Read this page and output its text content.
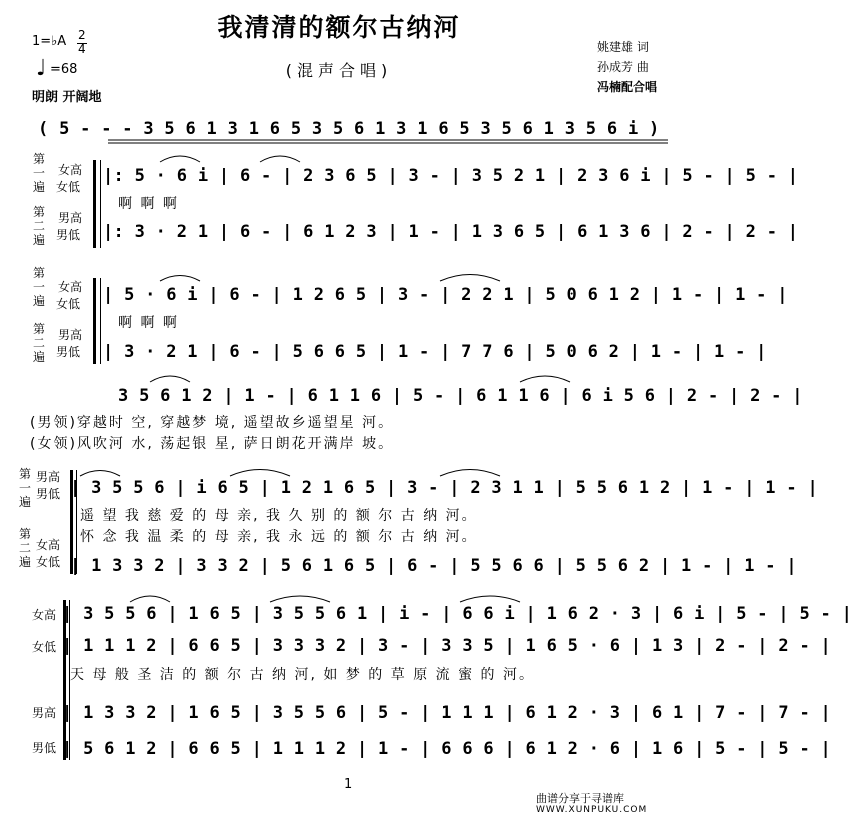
我清清的额尔古纳河
(混声合唱)
1=♭A 2
4
♩ =68
明朗 开阔地
姚建雄 词
孙成芳 曲
冯楠配合唱
( 5 - - - 3 5 6 1 3 1 6 5 3 5 6 1 3 1 6 5 3 5 6 1 3 5 6 i )
第一遍
第二遍
女高
女低
男高
男低
|: 5 · 6 i | 6 - | 2 3 6 5 | 3 - | 3 5 2 1 | 2 3 6 i | 5 - | 5 - |
啊 啊 啊
|: 3 · 2 1 | 6 - | 6 1 2 3 | 1 - | 1 3 6 5 | 6 1 3 6 | 2 - | 2 - |
第一遍
第二遍
女高
女低
男高
男低
| 5 · 6 i | 6 - | 1 2 6 5 | 3 - | 2 2 1 | 5 0 6 1 2 | 1 - | 1 - |
啊 啊 啊
| 3 · 2 1 | 6 - | 5 6 6 5 | 1 - | 7 7 6 | 5 0 6 2 | 1 - | 1 - |
3 5 6 1 2 | 1 - | 6 1 1 6 | 5 - | 6 1 1 6 | 6 i 5 6 | 2 - | 2 - |
(男领)穿越时 空, 穿越梦 境, 遥望故乡遥望星 河。
(女领)风吹河 水, 荡起银 星, 萨日朗花开满岸 坡。
第一遍
第二遍
男高
男低
女高
女低
| 3 5 5 6 | i 6 5 | 1 2 1 6 5 | 3 - | 2 3 1 1 | 5 5 6 1 2 | 1 - | 1 - |
遥 望 我 慈 爱 的 母 亲, 我 久 别 的 额 尔 古 纳 河。
怀 念 我 温 柔 的 母 亲, 我 永 远 的 额 尔 古 纳 河。
| 1 3 3 2 | 3 3 2 | 5 6 1 6 5 | 6 - | 5 5 6 6 | 5 5 6 2 | 1 - | 1 - |
女高
女低
男高
男低
| 3 5 5 6 | 1 6 5 | 3 5 5 6 1 | i - | 6 6 i | 1 6 2 · 3 | 6 i | 5 - | 5 - |
| 1 1 1 2 | 6 6 5 | 3 3 3 2 | 3 - | 3 3 5 | 1 6 5 · 6 | 1 3 | 2 - | 2 - |
天 母 般 圣 洁 的 额 尔 古 纳 河, 如 梦 的 草 原 流 蜜 的 河。
| 1 3 3 2 | 1 6 5 | 3 5 5 6 | 5 - | 1 1 1 | 6 1 2 · 3 | 6 1 | 7 - | 7 - |
| 5 6 1 2 | 6 6 5 | 1 1 1 2 | 1 - | 6 6 6 | 6 1 2 · 6 | 1 6 | 5 - | 5 - |
1
曲谱分享于寻谱库
WWW.XUNPUKU.COM
